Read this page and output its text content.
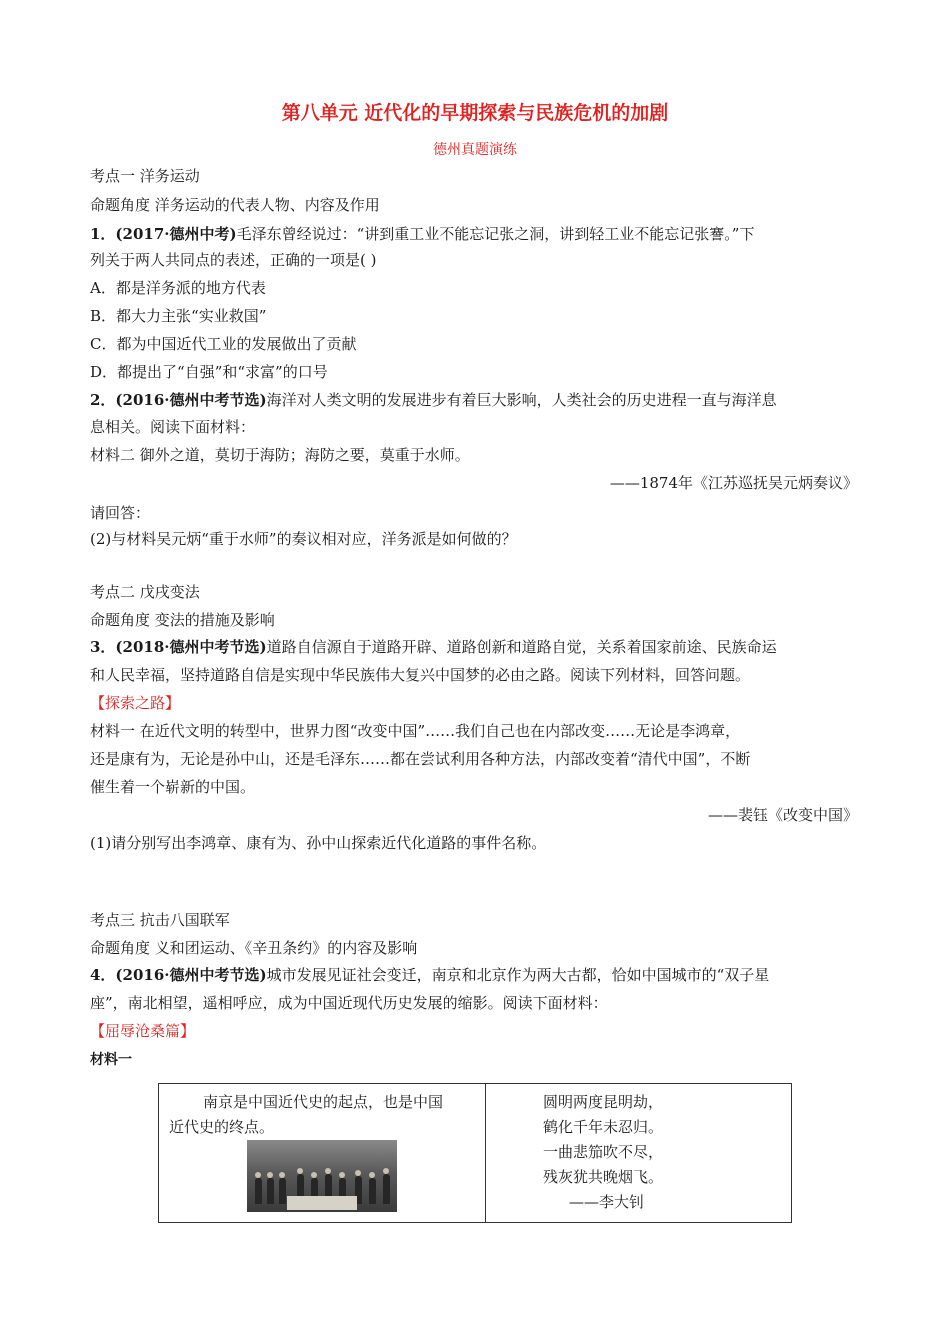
第八单元 近代化的早期探索与民族危机的加剧
德州真题演练
考点一 洋务运动
命题角度 洋务运动的代表人物、内容及作用
1．(2017·德州中考)毛泽东曾经说过：“讲到重工业不能忘记张之洞，讲到轻工业不能忘记张謇。”下
列关于两人共同点的表述，正确的一项是( )
A．都是洋务派的地方代表
B．都大力主张“实业救国”
C．都为中国近代工业的发展做出了贡献
D．都提出了“自强”和“求富”的口号
2．(2016·德州中考节选)海洋对人类文明的发展进步有着巨大影响，人类社会的历史进程一直与海洋息
息相关。阅读下面材料：
材料二 御外之道，莫切于海防；海防之要，莫重于水师。
——1874年《江苏巡抚吴元炳奏议》
请回答：
(2)与材料吴元炳“重于水师”的奏议相对应，洋务派是如何做的？
考点二 戊戌变法
命题角度 变法的措施及影响
3．(2018·德州中考节选)道路自信源自于道路开辟、道路创新和道路自觉，关系着国家前途、民族命运
和人民幸福，坚持道路自信是实现中华民族伟大复兴中国梦的必由之路。阅读下列材料，回答问题。
【探索之路】
材料一 在近代文明的转型中，世界力图“改变中国”……我们自己也在内部改变……无论是李鸿章，
还是康有为，无论是孙中山，还是毛泽东……都在尝试利用各种方法，内部改变着“清代中国”，不断
催生着一个崭新的中国。
——裴钰《改变中国》
(1)请分别写出李鸿章、康有为、孙中山探索近代化道路的事件名称。
考点三 抗击八国联军
命题角度 义和团运动、《辛丑条约》的内容及影响
4．(2016·德州中考节选)城市发展见证社会变迁，南京和北京作为两大古都，恰如中国城市的“双子星
座”，南北相望，遥相呼应，成为中国近现代历史发展的缩影。阅读下面材料：
【屈辱沧桑篇】
材料一
南京是中国近代史的起点，也是中国
近代史的终点。
圆明两度昆明劫，
鹤化千年未忍归。
一曲悲笳吹不尽，
残灰犹共晚烟飞。
——李大钊
